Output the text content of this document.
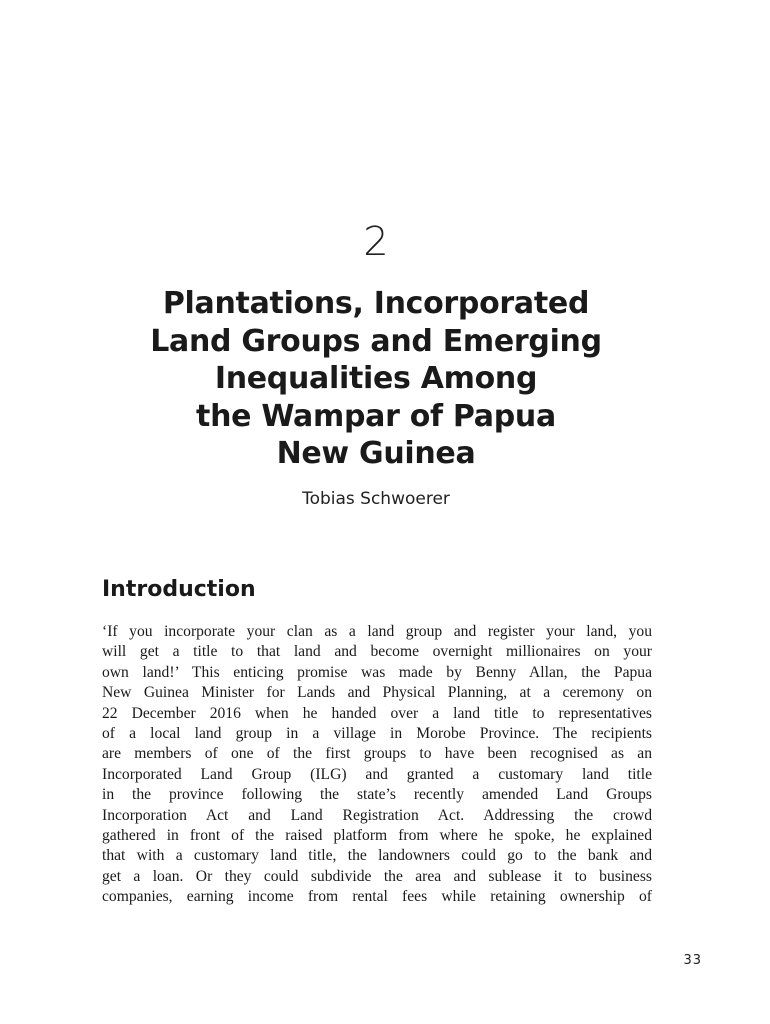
2
Plantations, Incorporated
Land Groups and Emerging
Inequalities Among
the Wampar of Papua
New Guinea
Tobias Schwoerer
Introduction
‘If you incorporate your clan as a land group and register your land, you
will get a title to that land and become overnight millionaires on your
own land!’ This enticing promise was made by Benny Allan, the Papua
New Guinea Minister for Lands and Physical Planning, at a ceremony on
22 December 2016 when he handed over a land title to representatives
of a local land group in a village in Morobe Province. The recipients
are members of one of the first groups to have been recognised as an
Incorporated Land Group (ILG) and granted a customary land title
in the province following the state’s recently amended Land Groups
Incorporation Act and Land Registration Act. Addressing the crowd
gathered in front of the raised platform from where he spoke, he explained
that with a customary land title, the landowners could go to the bank and
get a loan. Or they could subdivide the area and sublease it to business
companies, earning income from rental fees while retaining ownership of
33
